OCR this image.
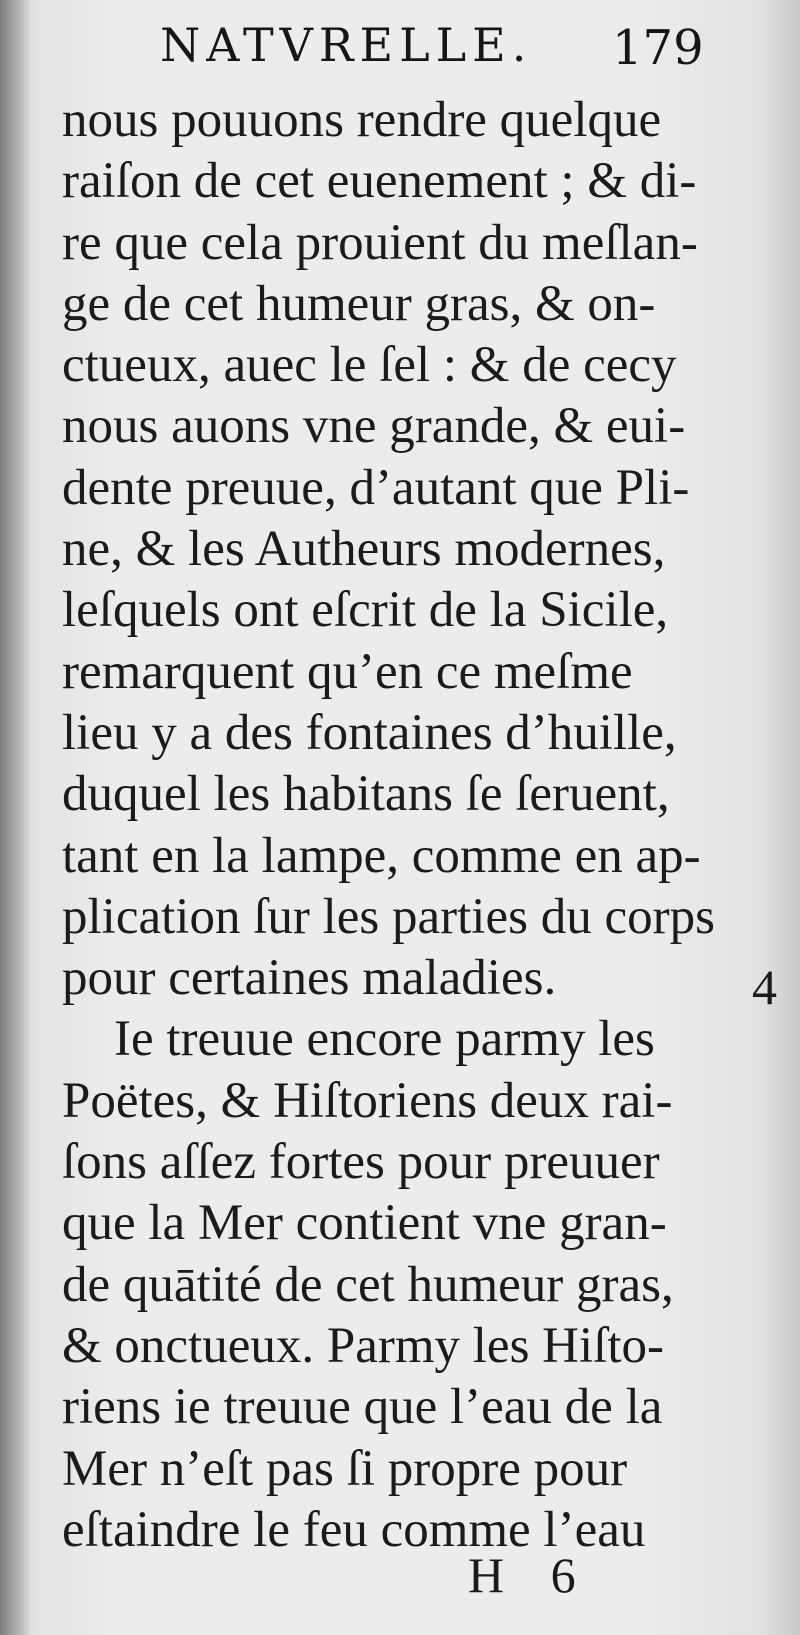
NATVRELLE. 179
nous pouuons rendre quelque
raiſon de cet euenement ; & di-
re que cela prouient du meſlan-
ge de cet humeur gras, & on-
ctueux, auec le ſel : & de cecy
nous auons vne grande, & eui-
dente preuue, d’autant que Pli-
ne, & les Autheurs modernes,
leſquels ont eſcrit de la Sicile,
remarquent qu’en ce meſme
lieu y a des fontaines d’huille,
duquel les habitans ſe ſeruent,
tant en la lampe, comme en ap-
plication ſur les parties du corps
pour certaines maladies.
Ie treuue encore parmy les
Poëtes, & Hiſtoriens deux rai-
ſons aſſez fortes pour preuuer
que la Mer contient vne gran-
de quātité de cet humeur gras,
& onctueux. Parmy les Hiſto-
riens ie treuue que l’eau de la
Mer n’eſt pas ſi propre pour
eſtaindre le feu comme l’eau
4
H 6
